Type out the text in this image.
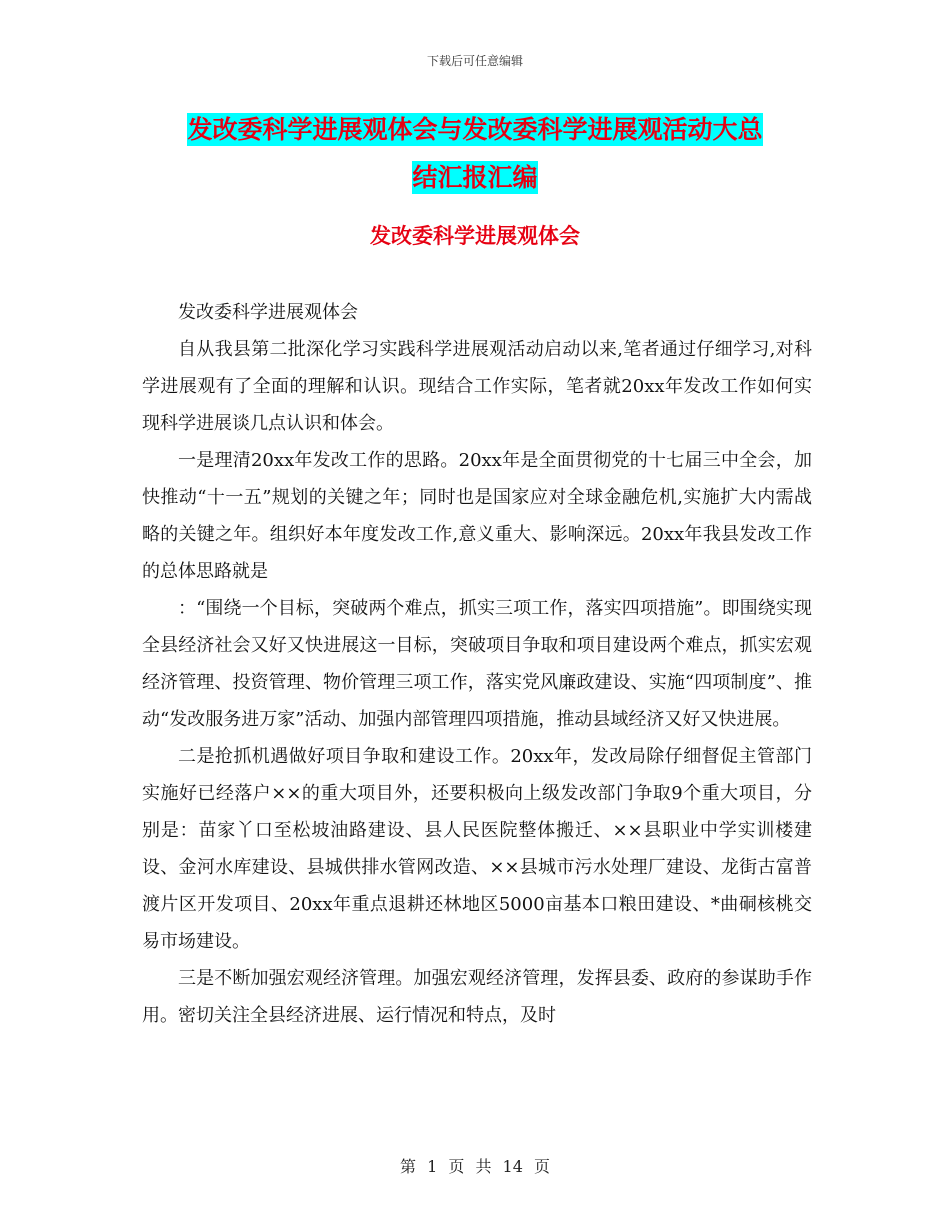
下载后可任意编辑
发改委科学进展观体会与发改委科学进展观活动大总
结汇报汇编
发改委科学进展观体会

发改委科学进展观体会

自从我县第二批深化学习实践科学进展观活动启动以来,笔者通过仔细学习,对科学进展观有了全面的理解和认识。现结合工作实际，笔者就20xx年发改工作如何实现科学进展谈几点认识和体会。

一是理清20xx年发改工作的思路。20xx年是全面贯彻党的十七届三中全会，加快推动“十一五”规划的关键之年；同时也是国家应对全球金融危机,实施扩大内需战略的关键之年。组织好本年度发改工作,意义重大、影响深远。20xx年我县发改工作的总体思路就是

：“围绕一个目标，突破两个难点，抓实三项工作，落实四项措施”。即围绕实现全县经济社会又好又快进展这一目标，突破项目争取和项目建设两个难点，抓实宏观经济管理、投资管理、物价管理三项工作，落实党风廉政建设、实施“四项制度”、推动“发改服务进万家”活动、加强内部管理四项措施，推动县域经济又好又快进展。

二是抢抓机遇做好项目争取和建设工作。20xx年，发改局除仔细督促主管部门实施好已经落户××的重大项目外，还要积极向上级发改部门争取9个重大项目，分别是：苗家丫口至松坡油路建设、县人民医院整体搬迁、××县职业中学实训楼建设、金河水库建设、县城供排水管网改造、××县城市污水处理厂建设、龙街古富普渡片区开发项目、20xx年重点退耕还林地区5000亩基本口粮田建设、*曲硐核桃交易市场建设。

三是不断加强宏观经济管理。加强宏观经济管理，发挥县委、政府的参谋助手作用。密切关注全县经济进展、运行情况和特点，及时

第 1 页 共 14 页
